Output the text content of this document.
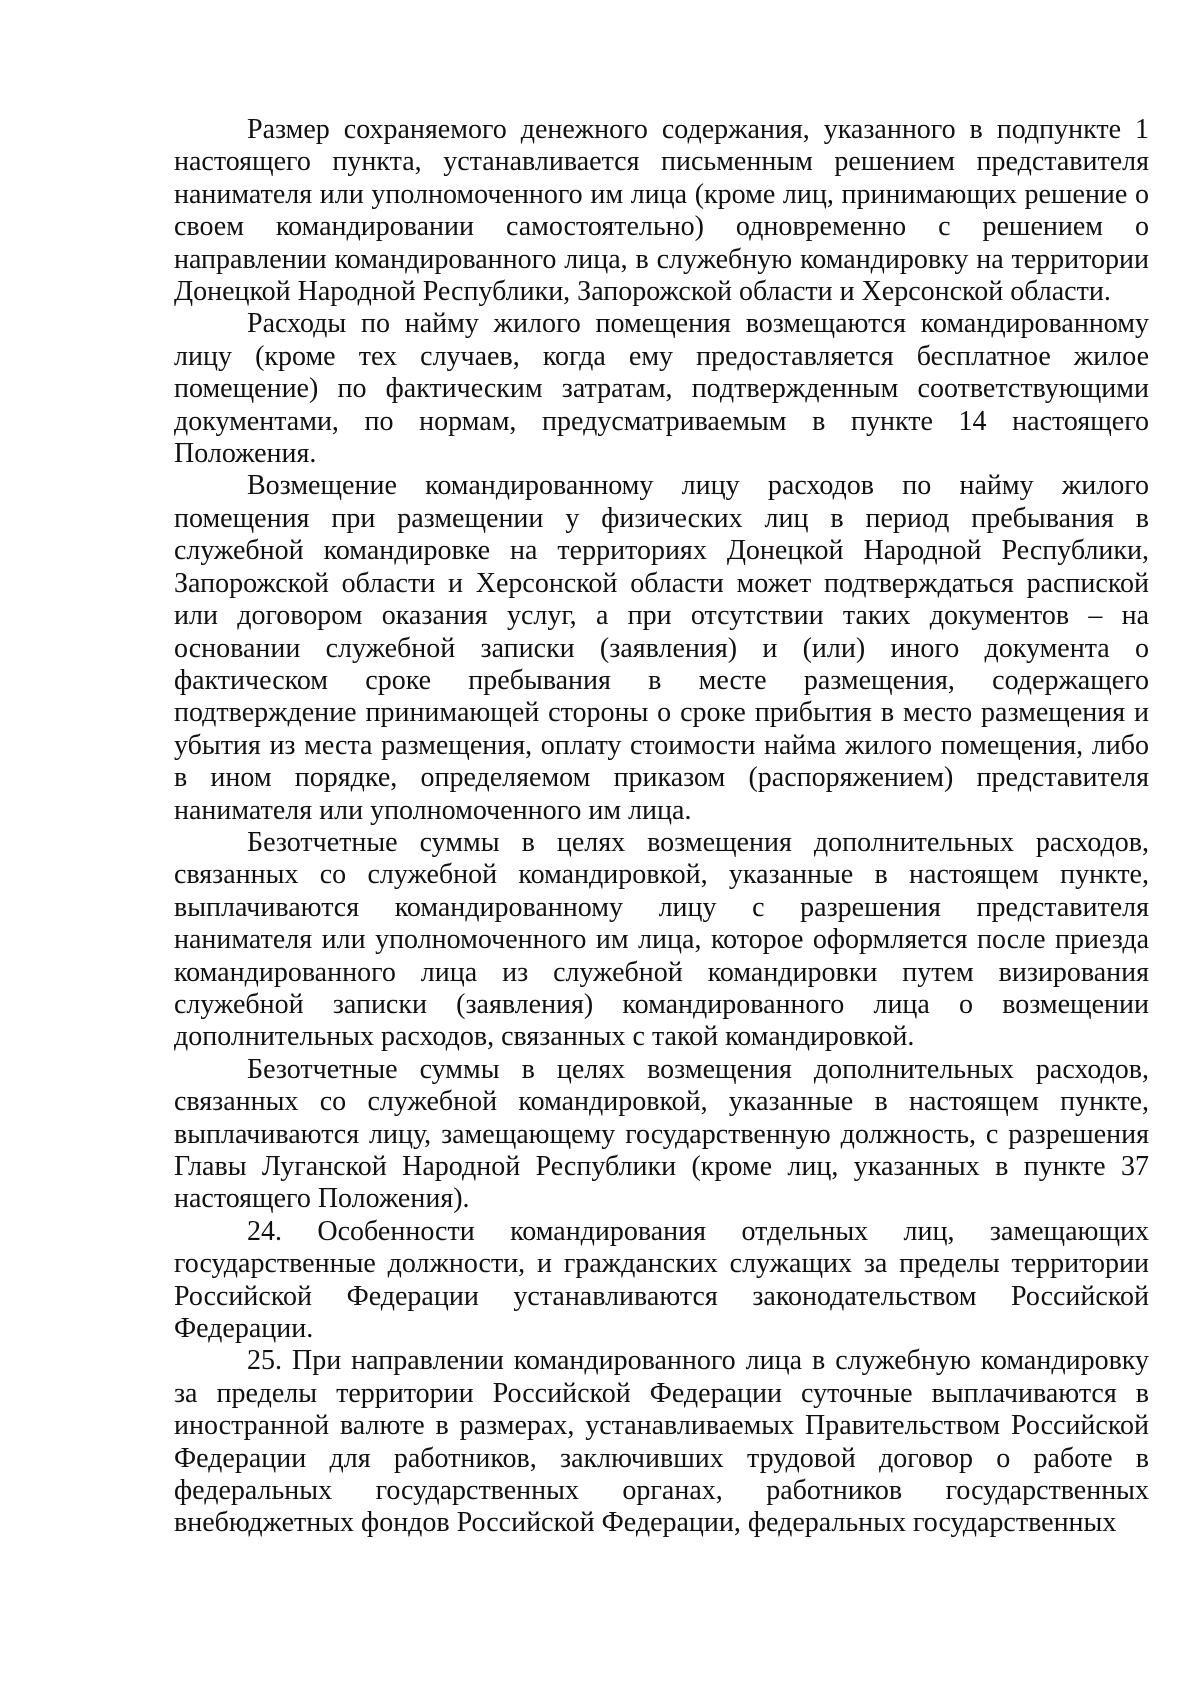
Размер сохраняемого денежного содержания, указанного в подпункте 1 настоящего пункта, устанавливается письменным решением представителя нанимателя или уполномоченного им лица (кроме лиц, принимающих решение о своем командировании самостоятельно) одновременно с решением о направлении командированного лица, в служебную командировку на территории Донецкой Народной Республики, Запорожской области и Херсонской области.

Расходы по найму жилого помещения возмещаются командированному лицу (кроме тех случаев, когда ему предоставляется бесплатное жилое помещение) по фактическим затратам, подтвержденным соответствующими документами, по нормам, предусматриваемым в пункте 14 настоящего Положения.

Возмещение командированному лицу расходов по найму жилого помещения при размещении у физических лиц в период пребывания в служебной командировке на территориях Донецкой Народной Республики, Запорожской области и Херсонской области может подтверждаться распиской или договором оказания услуг, а при отсутствии таких документов – на основании служебной записки (заявления) и (или) иного документа о фактическом сроке пребывания в месте размещения, содержащего подтверждение принимающей стороны о сроке прибытия в место размещения и убытия из места размещения, оплату стоимости найма жилого помещения, либо в ином порядке, определяемом приказом (распоряжением) представителя нанимателя или уполномоченного им лица.

Безотчетные суммы в целях возмещения дополнительных расходов, связанных со служебной командировкой, указанные в настоящем пункте, выплачиваются командированному лицу с разрешения представителя нанимателя или уполномоченного им лица, которое оформляется после приезда командированного лица из служебной командировки путем визирования служебной записки (заявления) командированного лица о возмещении дополнительных расходов, связанных с такой командировкой.

Безотчетные суммы в целях возмещения дополнительных расходов, связанных со служебной командировкой, указанные в настоящем пункте, выплачиваются лицу, замещающему государственную должность, с разрешения Главы Луганской Народной Республики (кроме лиц, указанных в пункте 37 настоящего Положения).

24. Особенности командирования отдельных лиц, замещающих государственные должности, и гражданских служащих за пределы территории Российской Федерации устанавливаются законодательством Российской Федерации.

25. При направлении командированного лица в служебную командировку за пределы территории Российской Федерации суточные выплачиваются в иностранной валюте в размерах, устанавливаемых Правительством Российской Федерации для работников, заключивших трудовой договор о работе в федеральных государственных органах, работников государственных внебюджетных фондов Российской Федерации, федеральных государственных
